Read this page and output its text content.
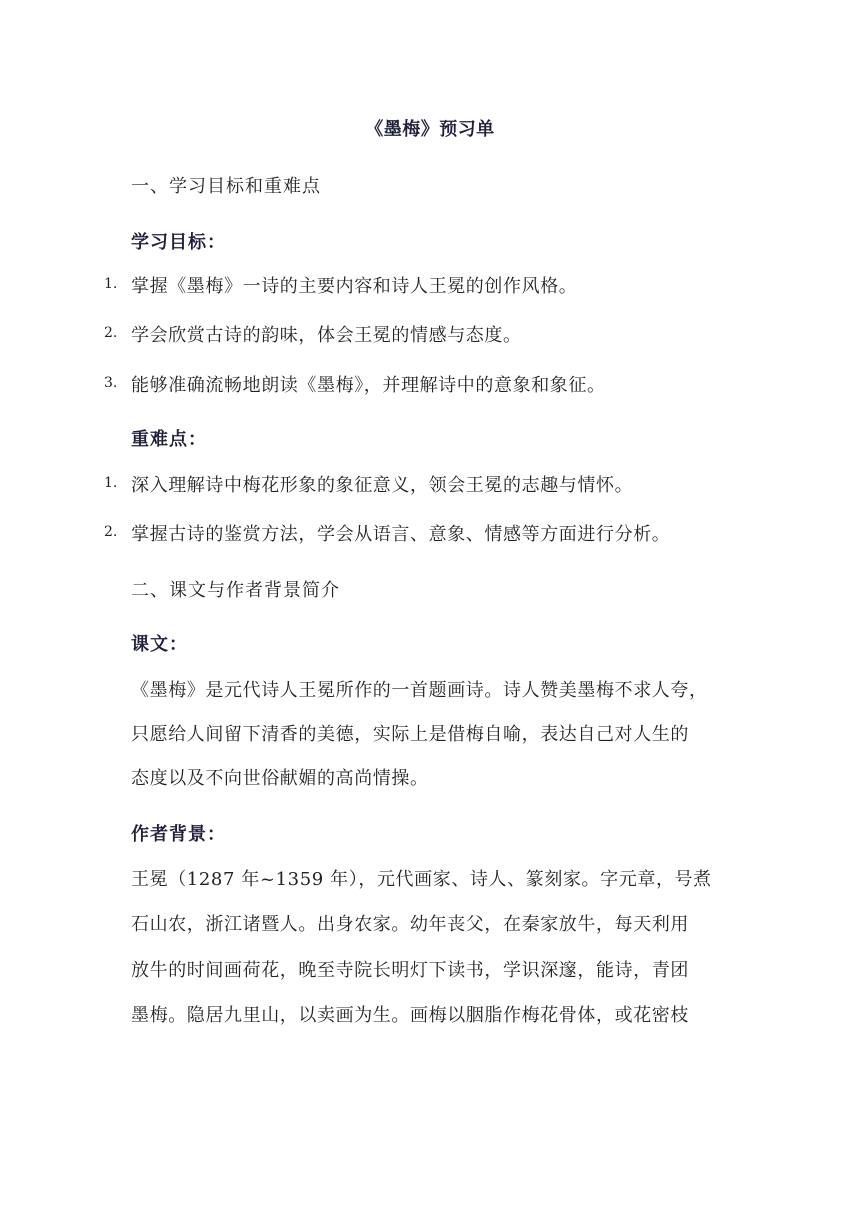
《墨梅》预习单
一、学习目标和重难点
学习目标：
1. 掌握《墨梅》一诗的主要内容和诗人王冕的创作风格。
2. 学会欣赏古诗的韵味，体会王冕的情感与态度。
3. 能够准确流畅地朗读《墨梅》，并理解诗中的意象和象征。
重难点：
1. 深入理解诗中梅花形象的象征意义，领会王冕的志趣与情怀。
2. 掌握古诗的鉴赏方法，学会从语言、意象、情感等方面进行分析。
二、课文与作者背景简介
课文：
《墨梅》是元代诗人王冕所作的一首题画诗。诗人赞美墨梅不求人夸，
只愿给人间留下清香的美德，实际上是借梅自喻，表达自己对人生的
态度以及不向世俗献媚的高尚情操。
作者背景：
王冕（1287 年~1359 年），元代画家、诗人、篆刻家。字元章，号煮
石山农，浙江诸暨人。出身农家。幼年丧父，在秦家放牛，每天利用
放牛的时间画荷花，晚至寺院长明灯下读书，学识深邃，能诗，青团
墨梅。隐居九里山，以卖画为生。画梅以胭脂作梅花骨体，或花密枝
